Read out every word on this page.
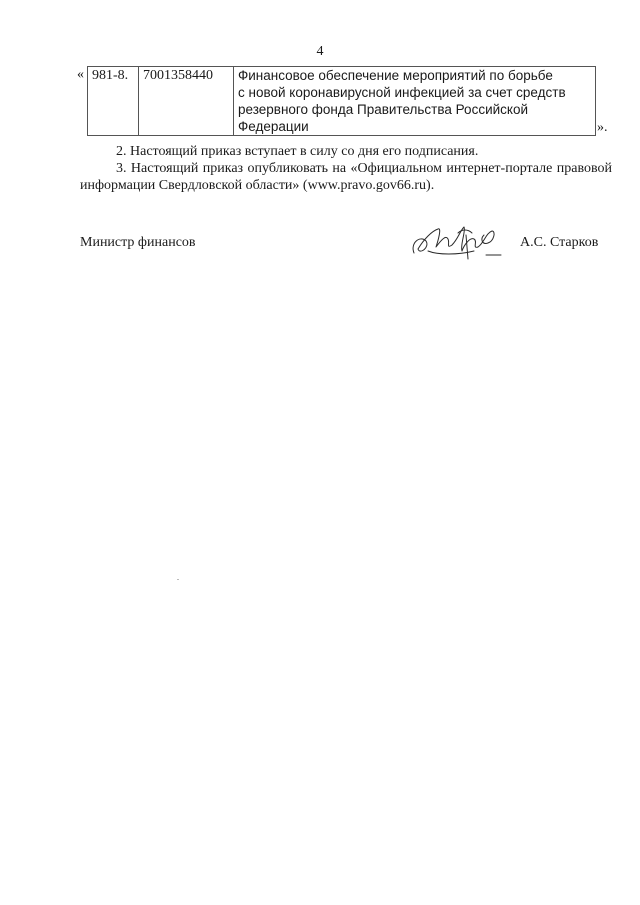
4
« 981-8.	7001358440	Финансовое обеспечение мероприятий по борьбе
с новой коронавирусной инфекцией за счет средств
резервного фонда Правительства Российской
Федерации	».
2. Настоящий приказ вступает в силу со дня его подписания.
3. Настоящий приказ опубликовать на «Официальном интернет-портале правовой информации Свердловской области» (www.pravo.gov66.ru).
Министр финансов	А.С. Старков
